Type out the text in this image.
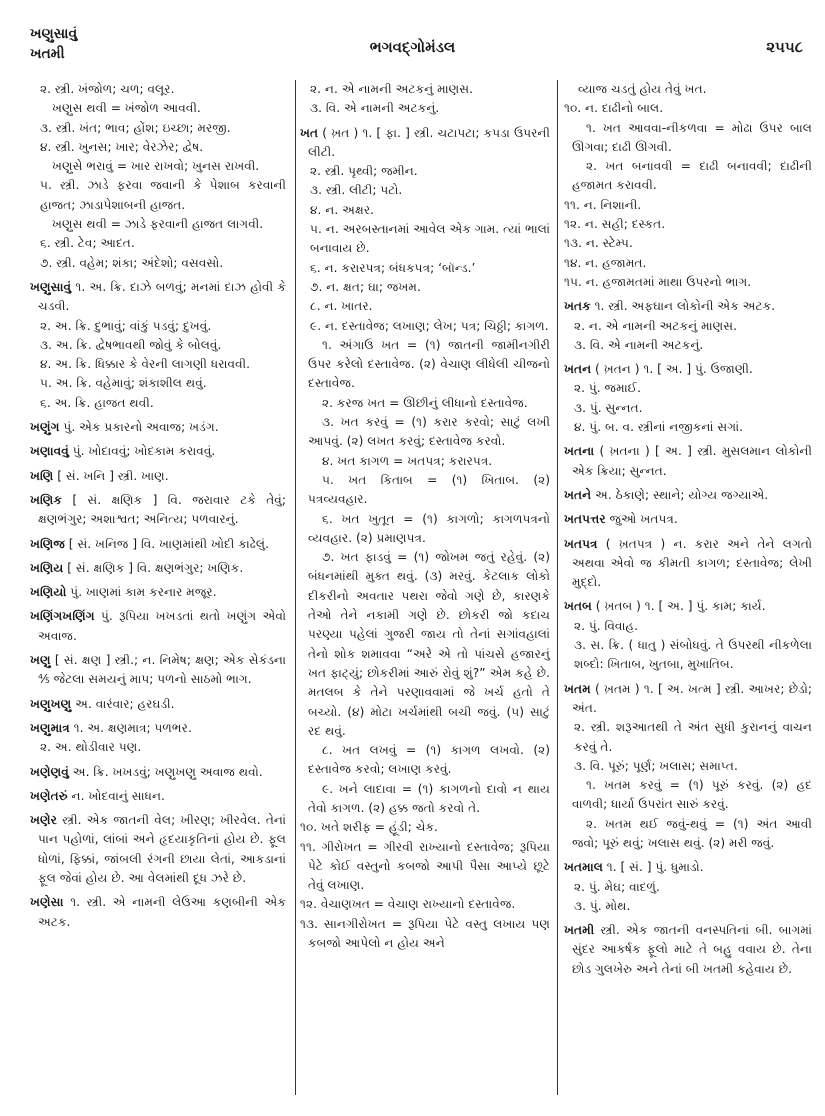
ખણુસાવું
ખતમી	ભગવદ્ગોમંડલ	૨૫૫૮

૨. સ્ત્રી. ખંજોળ; ચળ; વલૂર.

ખણુસ થવી = ખંજોળ આવવી.

૩. સ્ત્રી. ખંત; ભાવ; હોંશ; ઇચ્છા; મરજી.

૪. સ્ત્રી. ખુનસ; ખાર; વેરઝેર; દ્વેષ.

ખણુસે ભરાવું = ખાર રાખવો; ખુનસ રાખવી.

૫. સ્ત્રી. ઝાડે ફરવા જવાની કે પેશાબ કરવાની હાજત; ઝાડાપેશાબની હાજત.

ખણુસ થવી = ઝાડે ફરવાની હાજત લાગવી.

૬. સ્ત્રી. ટેવ; આદત.

૭. સ્ત્રી. વહેમ; શંકા; અંદેશો; વસવસો.

ખણુસાવું ૧. અ. ક્રિ. દાઝે બળવું; મનમાં દાઝ હોવી કે ચડવી.

૨. અ. ક્રિ. દુભાવું; વાંકું પડવું; દુખવું.

૩. અ. ક્રિ. દ્વેષભાવથી જોવું કે બોલવું.

૪. અ. ક્રિ. ધિક્કાર કે વેરની લાગણી ધરાવવી.

૫. અ. ક્રિ. વહેમાવું; શંકાશીલ થવું.

૬. અ. ક્રિ. હાજત થવી.

ખણુંગ પું. એક પ્રકારનો અવાજ; ખડંગ.

ખણાવવું પું. ખોદાવવું; ખોદકામ કરાવવું.

ખણિ [ સં. ખનિ ] સ્ત્રી. ખાણ.

ખણિક [ સં. ક્ષણિક ] વિ. જરાવાર ટકે તેવું; ક્ષણભંગુર; અશાશ્વત; અનિત્ય; પળવારનું.

ખણિજ [ સં. ખનિજ ] વિ. ખાણમાંથી ખોદી કાઢેલું.

ખણિય [ સં. ક્ષણિક ] વિ. ક્ષણભંગુર; ખણિક.

ખણિયો પું. ખાણમાં કામ કરનાર મજૂર.

ખણિંગખણિંગ પું. રૂપિયા ખખડતાં થતો ખણુંગ એવો અવાજ.

ખણુ [ સં. ક્ષણ ] સ્ત્રી.; ન. નિમેષ; ક્ષણ; એક સેકંડના ⅘ જેટલા સમયનું માપ; પળનો સાઠમો ભાગ.

ખણુખણુ અ. વારંવાર; હરઘડી.

ખણુમાત્ર ૧. અ. ક્ષણમાત્ર; પળભર.

૨. અ. થોડીવાર પણ.

ખણેણવું અ. ક્રિ. ખખડવું; ખણુખણુ અવાજ થવો.

ખણેતરું ન. ખોદવાનું સાધન.

ખણેર સ્ત્રી. એક જાતની વેલ; ખીરણ; ખીરવેલ. તેનાં પાન પહોળાં, લાંબાં અને હૃદયાકૃતિનાં હોય છે. ફૂલ ધોળાં, ફિક્કાં, જાંબલી રંગની છાયા લેતાં, આકડાનાં ફૂલ જેવાં હોય છે. આ વેલમાંથી દૂધ ઝરે છે.

ખણેસા ૧. સ્ત્રી. એ નામની લેઉઆ કણબીની એક અટક.

૨. ન. એ નામની અટકનું માણસ.

૩. વિ. એ નામની અટકનું.

ખત ( ખ઼ત ) ૧. [ ફા. ] સ્ત્રી. ચટાપટા; કપડા ઉપરની લીટી.

૨. સ્ત્રી. પૃથ્વી; જમીન.

૩. સ્ત્રી. લીટી; પટો.

૪. ન. અક્ષર.

૫. ન. અરબસ્તાનમાં આવેલ એક ગામ. ત્યાં ભાલાં બનાવાય છે.

૬. ન. કરારપત્ર; બંધકપત્ર; ‘બૉન્ડ.’

૭. ન. ક્ષત; ઘા; જખમ.

૮. ન. ખાતર.

૯. ન. દસ્તાવેજ; લખાણ; લેખ; પત્ર; ચિઠ્ઠી; કાગળ.

૧. અંગાઉ ખત = (૧) જાતની જામીનગીરી ઉપર કરેલો દસ્તાવેજ. (૨) વેચાણ લીધેલી ચીજનો દસ્તાવેજ.

૨. કરજ ખત = ઊછીનું લીધાનો દસ્તાવેજ.

૩. ખત કરવું = (૧) કરાર કરવો; સાટું લખી આપવું. (૨) લખત કરવું; દસ્તાવેજ કરવો.

૪. ખત કાગળ = ખતપત્ર; કરારપત્ર.

૫. ખત કિતાબ = (૧) ખિતાબ. (૨) પત્રવ્યવહાર.

૬. ખત ખુતૂત = (૧) કાગળો; કાગળપત્રનો વ્યવહાર. (૨) પ્રમાણપત્ર.

૭. ખત ફાડવું = (૧) જોખમ જતું રહેવું. (૨) બંધનમાંથી મુક્ત થવું. (૩) મરવું. કેટલાક લોકો દીકરીનો અવતાર પથરા જેવો ગણે છે, કારણકે તેઓ તેને નકામી ગણે છે. છોકરી જો કદાચ પરણ્યા પહેલાં ગુજરી જાય તો તેનાં સગાંવહાલાં તેનો શોક શમાવવા “અરે એ તો પાંચસે હજારનું ખત ફાટ્યું; છોકરીમાં આરું રોવું શું?” એમ કહે છે. મતલબ કે તેને પરણાવવામાં જે ખર્ચ હતો તે બચ્યો. (૪) મોટા ખર્ચમાંથી બચી જવું. (૫) સાટું રદ થવું.

૮. ખત લખવું = (૧) કાગળ લખવો. (૨) દસ્તાવેજ કરવો; લખાણ કરવું.

૯. ખને લાદાવા = (૧) કાગળનો દાવો ન થાય તેવો કાગળ. (૨) હક્ક જતો કરવો તે.

૧૦. ખતે શરીફ = હૂંડી; ચેક.

૧૧. ગીરોખત = ગીરવી રાખ્યાનો દસ્તાવેજ; રૂપિયા પેટે કોઈ વસ્તુનો કબજો આપી પૈસા આપ્યે છૂટે તેવું લખાણ.

૧૨. વેચાણખત = વેચાણ રાખ્યાનો દસ્તાવેજ.

૧૩. સાનગીરોખત = રૂપિયા પેટે વસ્તુ લખાય પણ કબજો આપેલો ન હોય અને

વ્યાજ ચડતું હોય તેવું ખત.

૧૦. ન. દાઢીનો બાલ.

૧. ખત આવવા-નીકળવા = મોઢા ઉપર બાલ ઊગવા; દાઢી ઊગવી.

૨. ખત બનાવવી = દાઢી બનાવવી; દાઢીની હજામત કરાવવી.

૧૧. ન. નિશાની.

૧૨. ન. સહી; દસ્કત.

૧૩. ન. સ્ટેમ્પ.

૧૪. ન. હજામત.

૧૫. ન. હજામતમાં માથા ઉપરનો ભાગ.

ખતક ૧. સ્ત્રી. અફઘાન લોકોની એક અટક.

૨. ન. એ નામની અટકનું માણસ.

૩. વિ. એ નામની અટકનું.

ખતન ( ખ઼તન ) ૧. [ અ. ] પું. ઉજાણી.

૨. પું. જમાઈ.

૩. પું. સુન્નત.

૪. પું. બ. વ. સ્ત્રીનાં નજીકનાં સગાં.

ખતના ( ખ઼તના ) [ અ. ] સ્ત્રી. મુસલમાન લોકોની એક ક્રિયા; સુન્નત.

ખતને અ. ઠેકાણે; સ્થાને; યોગ્ય જગ્યાએ.

ખતપત્તર જુઓ ખતપત્ર.

ખતપત્ર ( ખ઼તપત્ર ) ન. કરાર અને તેને લગતો અથવા એવો જ કીમતી કાગળ; દસ્તાવેજ; લેખી મુદ્દો.

ખતબ ( ખ઼તબ ) ૧. [ અ. ] પું. કામ; કાર્ય.

૨. પું. વિવાહ.

૩. સ. ક્રિ. ( ધાતુ ) સંબોધવું. તે ઉપરથી નીકળેલા શબ્દો: ખિતાબ, ખુતબા, મુખાતિબ.

ખતમ ( ખ઼તમ ) ૧. [ અ. ખત્મ ] સ્ત્રી. આખર; છેડો; અંત.

૨. સ્ત્રી. શરૂઆતથી તે અંત સુધી કુરાનનું વાચન કરવું તે.

૩. વિ. પૂરું; પૂર્ણ; ખલાસ; સમાપ્ત.

૧. ખતમ કરવું = (૧) પૂરું કરવું. (૨) હદ વાળવી; ધાર્યા ઉપરાંત સારું કરવું.

૨. ખતમ થઈ જવું-થવું = (૧) અંત આવી જવો; પૂરું થવું; ખલાસ થવું. (૨) મરી જવું.

ખતમાલ ૧. [ સં. ] પું. ધુમાડો.

૨. પું. મેઘ; વાદળું.

૩. પું. મોથ.

ખતમી સ્ત્રી. એક જાતની વનસ્પતિનાં બી. બાગમાં સુંદર આકર્ષક ફૂલો માટે તે બહુ વવાય છે. તેના છોડ ગુલખેરુ અને તેનાં બી ખતમી કહેવાય છે.
